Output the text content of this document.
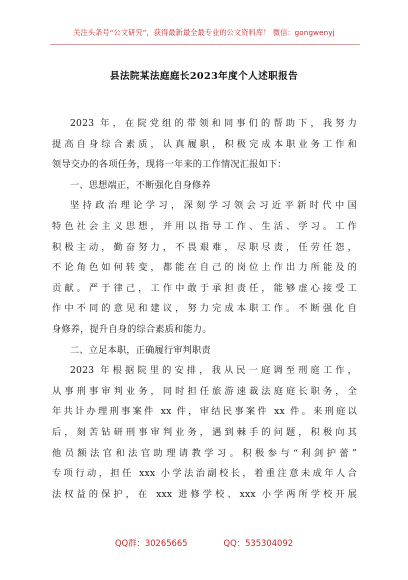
关注头条号“公文研究”，获得最新最全最专业的公文资料库！ 微信：gongwenyj
县法院某法庭庭长2023年度个人述职报告
2023 年，在院党组的带领和同事们的帮助下，我努力
提高自身综合素质，认真履职，积极完成本职业务工作和
领导交办的各项任务，现将一年来的工作情况汇报如下：
一、思想端正，不断强化自身修养
坚持政治理论学习，深刻学习领会习近平新时代中国
特色社会主义思想，并用以指导工作、生活、学习。工作
积极主动，勤奋努力，不畏艰难，尽职尽责，任劳任怨，
不论角色如何转变，都能在自己的岗位上作出力所能及的
贡献。严于律己，工作中敢于承担责任，能够虚心接受工
作中不同的意见和建议，努力完成本职工作。不断强化自
身修养，提升自身的综合素质和能力。
二、立足本职，正确履行审判职责
2023 年根据院里的安排，我从民一庭调至刑庭工作，
从事刑事审判业务，同时担任旅游速裁法庭庭长职务，全
年共计办理刑事案件 xx 件，审结民事案件 xx 件。来刑庭以
后，刻苦钻研刑事审判业务，遇到棘手的问题，积极向其
他员额法官和法官助理请教学习。积极参与“利剑护蕾”
专项行动，担任 xxx 小学法治副校长，着重注意未成年人合
法权益的保护，在 xxx 进修学校、xxx 小学两所学校开展
QQ群：30265665	QQ：535304092
